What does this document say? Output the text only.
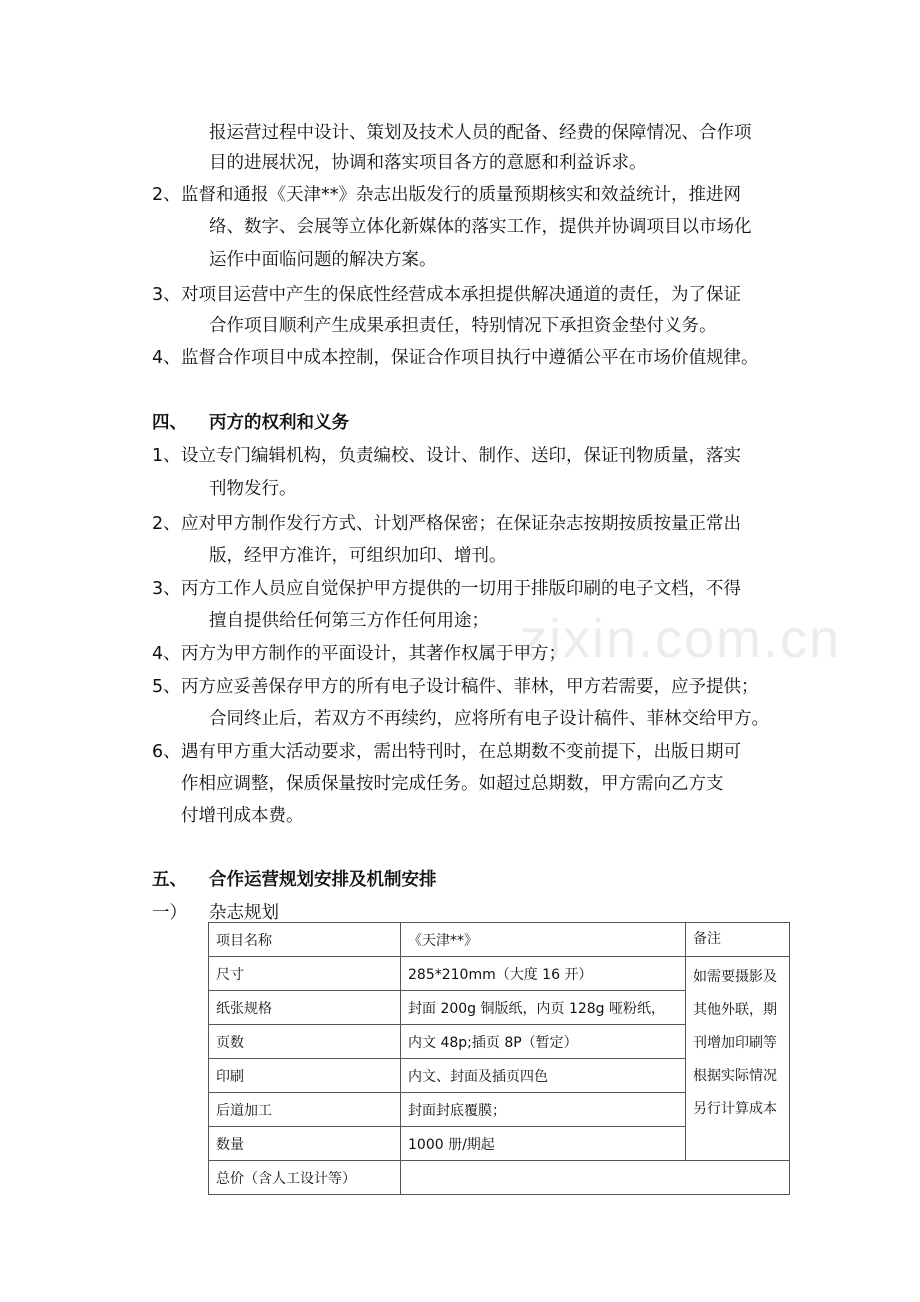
zixin.com.cn
报运营过程中设计、策划及技术人员的配备、经费的保障情况、合作项
目的进展状况，协调和落实项目各方的意愿和利益诉求。
2、 监督和通报《天津**》杂志出版发行的质量预期核实和效益统计，推进网
络、数字、会展等立体化新媒体的落实工作，提供并协调项目以市场化
运作中面临问题的解决方案。
3、 对项目运营中产生的保底性经营成本承担提供解决通道的责任，为了保证
合作项目顺利产生成果承担责任，特别情况下承担资金垫付义务。
4、 监督合作项目中成本控制，保证合作项目执行中遵循公平在市场价值规律。
四、 丙方的权利和义务
1、 设立专门编辑机构，负责编校、设计、制作、送印，保证刊物质量，落实
刊物发行。
2、 应对甲方制作发行方式、计划严格保密；在保证杂志按期按质按量正常出
版，经甲方准许，可组织加印、增刊。
3、 丙方工作人员应自觉保护甲方提供的一切用于排版印刷的电子文档，不得
擅自提供给任何第三方作任何用途；
4、 丙方为甲方制作的平面设计，其著作权属于甲方；
5、 丙方应妥善保存甲方的所有电子设计稿件、菲林，甲方若需要，应予提供；
合同终止后，若双方不再续约，应将所有电子设计稿件、菲林交给甲方。
6、 遇有甲方重大活动要求，需出特刊时，在总期数不变前提下，出版日期可
作相应调整，保质保量按时完成任务。如超过总期数，甲方需向乙方支
付增刊成本费。
五、 合作运营规划安排及机制安排
一） 杂志规划
项目名称	《天津**》	备注
尺寸	285*210mm（大度 16 开）	如需要摄影及
其他外联，期
刊增加印刷等
根据实际情况
另行计算成本

纸张规格	封面 200g 铜版纸，内页 128g 哑粉纸，	
页数	内文 48p;插页 8P（暂定）	
印刷	内文、封面及插页四色	
后道加工	封面封底覆膜；	
数量	1000 册/期起	
总价（含人工设计等）		
